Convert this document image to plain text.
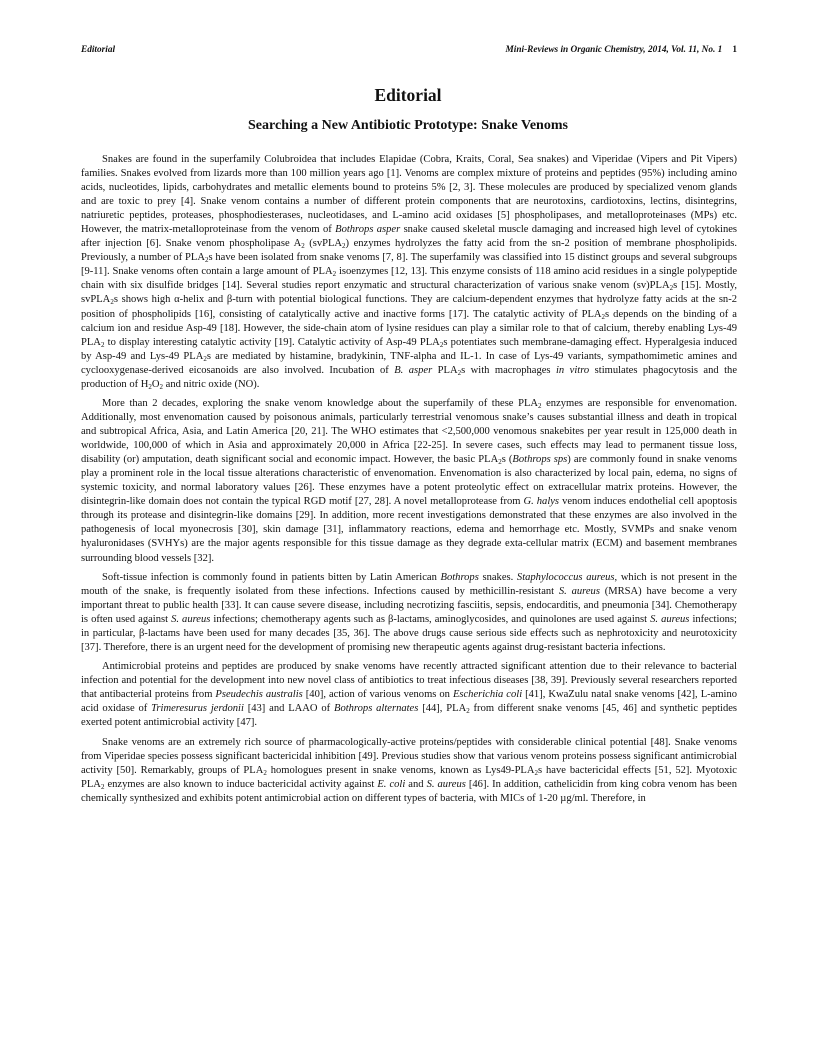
Editorial	Mini-Reviews in Organic Chemistry, 2014, Vol. 11, No. 1 1
Editorial
Searching a New Antibiotic Prototype: Snake Venoms

Snakes are found in the superfamily Colubroidea that includes Elapidae (Cobra, Kraits, Coral, Sea snakes) and Viperidae (Vipers and Pit Vipers) families. Snakes evolved from lizards more than 100 million years ago [1]. Venoms are complex mixture of proteins and peptides (95%) including amino acids, nucleotides, lipids, carbohydrates and metallic elements bound to proteins 5% [2, 3]. These molecules are produced by specialized venom glands and are toxic to prey [4]. Snake venom contains a number of different protein components that are neurotoxins, cardiotoxins, lectins, disintegrins, natriuretic peptides, proteases, phosphodiesterases, nucleotidases, and L-amino acid oxidases [5] phospholipases, and metalloproteinases (MPs) etc. However, the matrix-metalloproteinase from the venom of Bothrops asper snake caused skeletal muscle damaging and increased high level of cytokines after injection [6]. Snake venom phospholipase $A_2$ (svPLA$_2$) enzymes hydrolyzes the fatty acid from the sn-2 position of membrane phospholipids. Previously, a number of $PLA_2s$ have been isolated from snake venoms [7, 8]. The superfamily was classified into 15 distinct groups and several subgroups [9-11]. Snake venoms often contain a large amount of $PLA_2$ isoenzymes [12, 13]. This enzyme consists of 118 amino acid residues in a single polypeptide chain with six disulfide bridges [14]. Several studies report enzymatic and structural characterization of various snake venom $(sv)PLA_2s$ [15]. Mostly, svPLA$_2$s shows high α-helix and β-turn with potential biological functions. They are calcium-dependent enzymes that hydrolyze fatty acids at the sn-2 position of phospholipids [16], consisting of catalytically active and inactive forms [17]. The catalytic activity of $PLA_2s$ depends on the binding of a calcium ion and residue Asp-49 [18]. However, the side-chain atom of lysine residues can play a similar role to that of calcium, thereby enabling Lys-49 $PLA_2$ to display interesting catalytic activity [19]. Catalytic activity of Asp-49 $PLA_2s$ potentiates such membrane-damaging effect. Hyperalgesia induced by Asp-49 and Lys-49 $PLA_2s$ are mediated by histamine, bradykinin, TNF-alpha and IL-1. In case of Lys-49 variants, sympathomimetic amines and cyclooxygenase-derived eicosanoids are also involved. Incubation of B. asper $PLA_2s$ with macrophages in vitro stimulates phagocytosis and the production of $H_2O_2$ and nitric oxide (NO).

More than 2 decades, exploring the snake venom knowledge about the superfamily of these $PLA_2$ enzymes are responsible for envenomation. Additionally, most envenomation caused by poisonous animals, particularly terrestrial venomous snake’s causes substantial illness and death in tropical and subtropical Africa, Asia, and Latin America [20, 21]. The WHO estimates that <2,500,000 venomous snakebites per year result in 125,000 death in worldwide, 100,000 of which in Asia and approximately 20,000 in Africa [22-25]. In severe cases, such effects may lead to permanent tissue loss, disability (or) amputation, death significant social and economic impact. However, the basic $PLA_2s$ (Bothrops sps) are commonly found in snake venoms play a prominent role in the local tissue alterations characteristic of envenomation. Envenomation is also characterized by local pain, edema, no signs of systemic toxicity, and normal laboratory values [26]. These enzymes have a potent proteolytic effect on extracellular matrix proteins. However, the disintegrin-like domain does not contain the typical RGD motif [27, 28]. A novel metalloprotease from G. halys venom induces endothelial cell apoptosis through its protease and disintegrin-like domains [29]. In addition, more recent investigations demonstrated that these enzymes are also involved in the pathogenesis of local myonecrosis [30], skin damage [31], inflammatory reactions, edema and hemorrhage etc. Mostly, SVMPs and snake venom hyaluronidases (SVHYs) are the major agents responsible for this tissue damage as they degrade exta-cellular matrix (ECM) and basement membranes surrounding blood vessels [32].

Soft-tissue infection is commonly found in patients bitten by Latin American Bothrops snakes. Staphylococcus aureus, which is not present in the mouth of the snake, is frequently isolated from these infections. Infections caused by methicillin-resistant S. aureus (MRSA) have become a very important threat to public health [33]. It can cause severe disease, including necrotizing fasciitis, sepsis, endocarditis, and pneumonia [34]. Chemotherapy is often used against S. aureus infections; chemotherapy agents such as β-lactams, aminoglycosides, and quinolones are used against S. aureus infections; in particular, β-lactams have been used for many decades [35, 36]. The above drugs cause serious side effects such as nephrotoxicity and neurotoxicity [37]. Therefore, there is an urgent need for the development of promising new therapeutic agents against drug-resistant bacteria infections.

Antimicrobial proteins and peptides are produced by snake venoms have recently attracted significant attention due to their relevance to bacterial infection and potential for the development into new novel class of antibiotics to treat infectious diseases [38, 39]. Previously several researchers reported that antibacterial proteins from Pseudechis australis [40], action of various venoms on Escherichia coli [41], KwaZulu natal snake venoms [42], L-amino acid oxidase of Trimeresurus jerdonii [43] and LAAO of Bothrops alternates [44], $PLA_2$ from different snake venoms [45, 46] and synthetic peptides exerted potent antimicrobial activity [47].

Snake venoms are an extremely rich source of pharmacologically-active proteins/peptides with considerable clinical potential [48]. Snake venoms from Viperidae species possess significant bactericidal inhibition [49]. Previous studies show that various venom proteins possess significant antimicrobial activity [50]. Remarkably, groups of $PLA_2$ homologues present in snake venoms, known as $Lys49-PLA_2s$ have bactericidal effects [51, 52]. Myotoxic $PLA_2$ enzymes are also known to induce bactericidal activity against E. coli and S. aureus [46]. In addition, cathelicidin from king cobra venom has been chemically synthesized and exhibits potent antimicrobial action on different types of bacteria, with MICs of 1-20 µg/ml. Therefore, in
